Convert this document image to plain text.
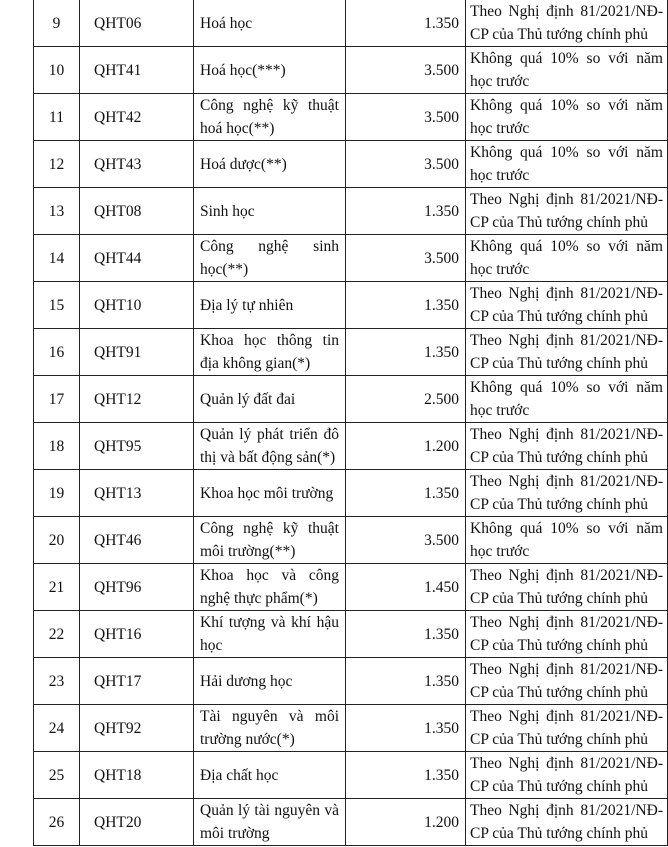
9	QHT06	Hoá học	1.350	Theo Nghị định 81/2021/NĐ-CP của Thủ tướng chính phủ
10	QHT41	Hoá học(***)	3.500	Không quá 10% so với năm học trước
11	QHT42	Công nghệ kỹ thuật hoá học(**)	3.500	Không quá 10% so với năm học trước
12	QHT43	Hoá dược(**)	3.500	Không quá 10% so với năm học trước
13	QHT08	Sinh học	1.350	Theo Nghị định 81/2021/NĐ-CP của Thủ tướng chính phủ
14	QHT44	Công nghệ sinh học(**)	3.500	Không quá 10% so với năm học trước
15	QHT10	Địa lý tự nhiên	1.350	Theo Nghị định 81/2021/NĐ-CP của Thủ tướng chính phủ
16	QHT91	Khoa học thông tin địa không gian(*)	1.350	Theo Nghị định 81/2021/NĐ-CP của Thủ tướng chính phủ
17	QHT12	Quản lý đất đai	2.500	Không quá 10% so với năm học trước
18	QHT95	Quản lý phát triển đô thị và bất động sản(*)	1.200	Theo Nghị định 81/2021/NĐ-CP của Thủ tướng chính phủ
19	QHT13	Khoa học môi trường	1.350	Theo Nghị định 81/2021/NĐ-CP của Thủ tướng chính phủ
20	QHT46	Công nghệ kỹ thuật môi trường(**)	3.500	Không quá 10% so với năm học trước
21	QHT96	Khoa học và công nghệ thực phẩm(*)	1.450	Theo Nghị định 81/2021/NĐ-CP của Thủ tướng chính phủ
22	QHT16	Khí tượng và khí hậu học	1.350	Theo Nghị định 81/2021/NĐ-CP của Thủ tướng chính phủ
23	QHT17	Hải dương học	1.350	Theo Nghị định 81/2021/NĐ-CP của Thủ tướng chính phủ
24	QHT92	Tài nguyên và môi trường nước(*)	1.350	Theo Nghị định 81/2021/NĐ-CP của Thủ tướng chính phủ
25	QHT18	Địa chất học	1.350	Theo Nghị định 81/2021/NĐ-CP của Thủ tướng chính phủ
26	QHT20	Quản lý tài nguyên và môi trường	1.200	Theo Nghị định 81/2021/NĐ-CP của Thủ tướng chính phủ
